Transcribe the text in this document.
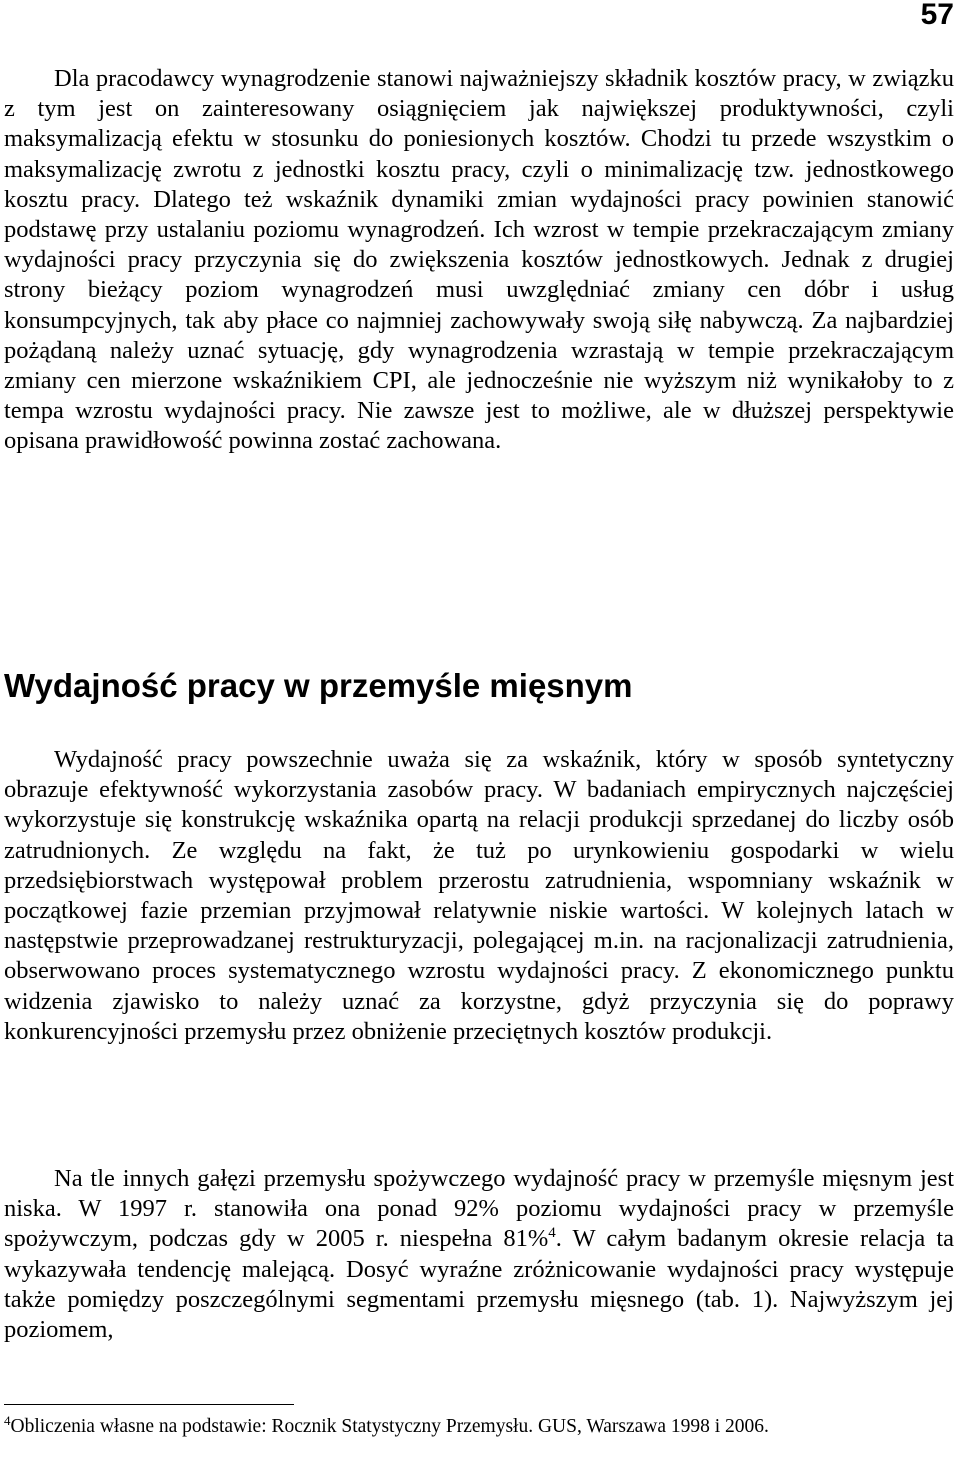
57

Dla pracodawcy wynagrodzenie stanowi najważniejszy składnik kosztów pracy, w związku z tym jest on zainteresowany osiągnięciem jak największej produktywności, czyli maksymalizacją efektu w stosunku do poniesionych kosztów. Chodzi tu przede wszystkim o maksymalizację zwrotu z jednostki kosztu pracy, czyli o minimalizację tzw. jednostkowego kosztu pracy. Dlatego też wskaźnik dynamiki zmian wydajności pracy powinien stanowić podstawę przy ustalaniu poziomu wynagrodzeń. Ich wzrost w tempie przekraczającym zmiany wydajności pracy przyczynia się do zwiększenia kosztów jednostkowych. Jednak z drugiej strony bieżący poziom wynagrodzeń musi uwzględniać zmiany cen dóbr i usług konsumpcyjnych, tak aby płace co najmniej zachowywały swoją siłę nabywczą. Za najbardziej pożądaną należy uznać sytuację, gdy wynagrodzenia wzrastają w tempie przekraczającym zmiany cen mierzone wskaźnikiem CPI, ale jednocześnie nie wyższym niż wynikałoby to z tempa wzrostu wydajności pracy. Nie zawsze jest to możliwe, ale w dłuższej perspektywie opisana prawidłowość powinna zostać zachowana.

Wydajność pracy w przemyśle mięsnym

Wydajność pracy powszechnie uważa się za wskaźnik, który w sposób syntetyczny obrazuje efektywność wykorzystania zasobów pracy. W badaniach empirycznych najczęściej wykorzystuje się konstrukcję wskaźnika opartą na relacji produkcji sprzedanej do liczby osób zatrudnionych. Ze względu na fakt, że tuż po urynkowieniu gospodarki w wielu przedsiębiorstwach występował problem przerostu zatrudnienia, wspomniany wskaźnik w początkowej fazie przemian przyjmował relatywnie niskie wartości. W kolejnych latach w następstwie przeprowadzanej restrukturyzacji, polegającej m.in. na racjonalizacji zatrudnienia, obserwowano proces systematycznego wzrostu wydajności pracy. Z ekonomicznego punktu widzenia zjawisko to należy uznać za korzystne, gdyż przyczynia się do poprawy konkurencyjności przemysłu przez obniżenie przeciętnych kosztów produkcji.

Na tle innych gałęzi przemysłu spożywczego wydajność pracy w przemyśle mięsnym jest niska. W 1997 r. stanowiła ona ponad 92% poziomu wydajności pracy w przemyśle spożywczym, podczas gdy w 2005 r. niespełna 81%$^4$. W całym badanym okresie relacja ta wykazywała tendencję malejącą. Dosyć wyraźne zróżnicowanie wydajności pracy występuje także pomiędzy poszczególnymi segmentami przemysłu mięsnego (tab. 1). Najwyższym jej poziomem,

$^4$Obliczenia własne na podstawie: Rocznik Statystyczny Przemysłu. GUS, Warszawa 1998 i 2006.
